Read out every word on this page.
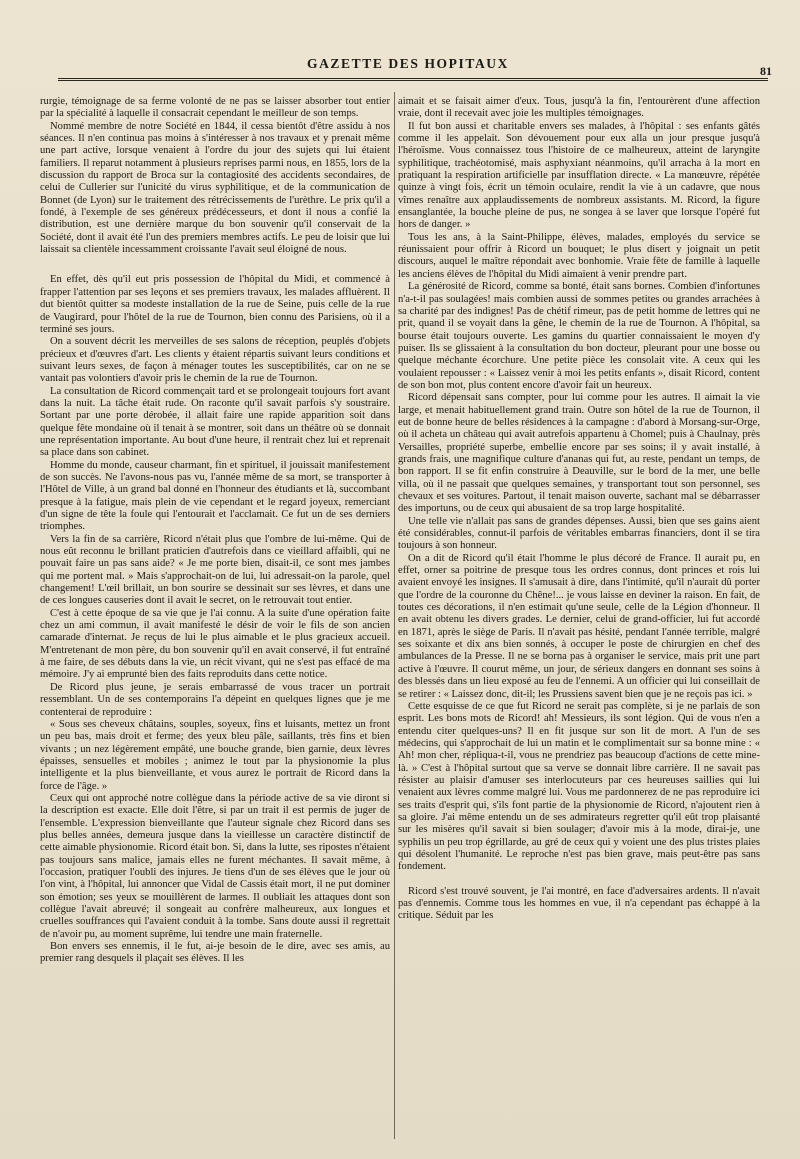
GAZETTE DES HOPITAUX	81

rurgie, témoignage de sa ferme volonté de ne pas se laisser absorber tout entier par la spécialité à laquelle il consacrait cependant le meilleur de son temps.

Nommé membre de notre Société en 1844, il cessa bientôt d'être assidu à nos séances. Il n'en continua pas moins à s'intéresser à nos travaux et y prenait même une part active, lorsque venaient à l'ordre du jour des sujets qui lui étaient familiers. Il reparut notamment à plusieurs reprises parmi nous, en 1855, lors de la discussion du rapport de Broca sur la contagiosité des accidents secondaires, de celui de Cullerier sur l'unicité du virus syphilitique, et de la communication de Bonnet (de Lyon) sur le traitement des rétrécissements de l'urèthre. Le prix qu'il a fondé, à l'exemple de ses généreux prédécesseurs, et dont il nous a confié la distribution, est une dernière marque du bon souvenir qu'il conservait de la Société, dont il avait été l'un des premiers membres actifs. Le peu de loisir que lui laissait sa clientèle incessamment croissante l'avait seul éloigné de nous.

En effet, dès qu'il eut pris possession de l'hôpital du Midi, et commencé à frapper l'attention par ses leçons et ses premiers travaux, les malades affluèrent. Il dut bientôt quitter sa modeste installation de la rue de Seine, puis celle de la rue de Vaugirard, pour l'hôtel de la rue de Tournon, bien connu des Parisiens, où il a terminé ses jours.

On a souvent décrit les merveilles de ses salons de réception, peuplés d'objets précieux et d'œuvres d'art. Les clients y étaient répartis suivant leurs conditions et suivant leurs sexes, de façon à ménager toutes les susceptibilités, car on ne se vantait pas volontiers d'avoir pris le chemin de la rue de Tournon.

La consultation de Ricord commençait tard et se prolongeait toujours fort avant dans la nuit. La tâche était rude. On raconte qu'il savait parfois s'y soustraire. Sortant par une porte dérobée, il allait faire une rapide apparition soit dans quelque fête mondaine où il tenait à se montrer, soit dans un théâtre où se donnait une représentation importante. Au bout d'une heure, il rentrait chez lui et reprenait sa place dans son cabinet.

Homme du monde, causeur charmant, fin et spirituel, il jouissait manifestement de son succès. Ne l'avons-nous pas vu, l'année même de sa mort, se transporter à l'Hôtel de Ville, à un grand bal donné en l'honneur des étudiants et là, succombant presque à la fatigue, mais plein de vie cependant et le regard joyeux, remerciant d'un signe de tête la foule qui l'entourait et l'acclamait. Ce fut un de ses derniers triomphes.

Vers la fin de sa carrière, Ricord n'était plus que l'ombre de lui-même. Qui de nous eût reconnu le brillant praticien d'autrefois dans ce vieillard affaibli, qui ne pouvait faire un pas sans aide? « Je me porte bien, disait-il, ce sont mes jambes qui me portent mal. » Mais s'approchait-on de lui, lui adressait-on la parole, quel changement! L'œil brillait, un bon sourire se dessinait sur ses lèvres, et dans une de ces longues causeries dont il avait le secret, on le retrouvait tout entier.

C'est à cette époque de sa vie que je l'ai connu. A la suite d'une opération faite chez un ami commun, il avait manifesté le désir de voir le fils de son ancien camarade d'internat. Je reçus de lui le plus aimable et le plus gracieux accueil. M'entretenant de mon père, du bon souvenir qu'il en avait conservé, il fut entraîné à me faire, de ses débuts dans la vie, un récit vivant, qui ne s'est pas effacé de ma mémoire. J'y ai emprunté bien des faits reproduits dans cette notice.

De Ricord plus jeune, je serais embarrassé de vous tracer un portrait ressemblant. Un de ses contemporains l'a dépeint en quelques lignes que je me contenterai de reproduire :

« Sous ses cheveux châtains, souples, soyeux, fins et luisants, mettez un front un peu bas, mais droit et ferme; des yeux bleu pâle, saillants, très fins et bien vivants ; un nez légèrement empâté, une bouche grande, bien garnie, deux lèvres épaisses, sensuelles et mobiles ; animez le tout par la physionomie la plus intelligente et la plus bienveillante, et vous aurez le portrait de Ricord dans la force de l'âge. »

Ceux qui ont approché notre collègue dans la période active de sa vie diront si la description est exacte. Elle doit l'être, si par un trait il est permis de juger de l'ensemble. L'expression bienveillante que l'auteur signale chez Ricord dans ses plus belles années, demeura jusque dans la vieillesse un caractère distinctif de cette aimable physionomie. Ricord était bon. Si, dans la lutte, ses ripostes n'étaient pas toujours sans malice, jamais elles ne furent méchantes. Il savait même, à l'occasion, pratiquer l'oubli des injures. Je tiens d'un de ses élèves que le jour où l'on vint, à l'hôpital, lui annoncer que Vidal de Cassis était mort, il ne put dominer son émotion; ses yeux se mouillèrent de larmes. Il oubliait les attaques dont son collègue l'avait abreuvé; il songeait au confrère malheureux, aux longues et cruelles souffrances qui l'avaient conduit à la tombe. Sans doute aussi il regrettait de n'avoir pu, au moment suprême, lui tendre une main fraternelle.

Bon envers ses ennemis, il le fut, ai-je besoin de le dire, avec ses amis, au premier rang desquels il plaçait ses élèves. Il les

aimait et se faisait aimer d'eux. Tous, jusqu'à la fin, l'entourèrent d'une affection vraie, dont il recevait avec joie les multiples témoignages.

Il fut bon aussi et charitable envers ses malades, à l'hôpital : ses enfants gâtés comme il les appelait. Son dévouement pour eux alla un jour presque jusqu'à l'héroïsme. Vous connaissez tous l'histoire de ce malheureux, atteint de laryngite syphilitique, trachéotomisé, mais asphyxiant néanmoins, qu'il arracha à la mort en pratiquant la respiration artificielle par insufflation directe. « La manœuvre, répétée quinze à vingt fois, écrit un témoin oculaire, rendit la vie à un cadavre, que nous vîmes renaître aux applaudissements de nombreux assistants. M. Ricord, la figure ensanglantée, la bouche pleine de pus, ne songea à se laver que lorsque l'opéré fut hors de danger. »

Tous les ans, à la Saint-Philippe, élèves, malades, employés du service se réunissaient pour offrir à Ricord un bouquet; le plus disert y joignait un petit discours, auquel le maître répondait avec bonhomie. Vraie fête de famille à laquelle les anciens élèves de l'hôpital du Midi aimaient à venir prendre part.

La générosité de Ricord, comme sa bonté, était sans bornes. Combien d'infortunes n'a-t-il pas soulagées! mais combien aussi de sommes petites ou grandes arrachées à sa charité par des indignes! Pas de chétif rimeur, pas de petit homme de lettres qui ne prit, quand il se voyait dans la gêne, le chemin de la rue de Tournon. A l'hôpital, sa bourse était toujours ouverte. Les gamins du quartier connaissaient le moyen d'y puiser. Ils se glissaient à la consultation du bon docteur, pleurant pour une bosse ou quelque méchante écorchure. Une petite pièce les consolait vite. A ceux qui les voulaient repousser : « Laissez venir à moi les petits enfants », disait Ricord, content de son bon mot, plus content encore d'avoir fait un heureux.

Ricord dépensait sans compter, pour lui comme pour les autres. Il aimait la vie large, et menait habituellement grand train. Outre son hôtel de la rue de Tournon, il eut de bonne heure de belles résidences à la campagne : d'abord à Morsang-sur-Orge, où il acheta un château qui avait autrefois appartenu à Chomel; puis à Chaulnay, près Versailles, propriété superbe, embellie encore par ses soins; il y avait installé, à grands frais, une magnifique culture d'ananas qui fut, au reste, pendant un temps, de bon rapport. Il se fit enfin construire à Deauville, sur le bord de la mer, une belle villa, où il ne passait que quelques semaines, y transportant tout son personnel, ses chevaux et ses voitures. Partout, il tenait maison ouverte, sachant mal se débarrasser des importuns, ou de ceux qui abusaient de sa trop large hospitalité.

Une telle vie n'allait pas sans de grandes dépenses. Aussi, bien que ses gains aient été considérables, connut-il parfois de véritables embarras financiers, dont il se tira toujours à son honneur.

On a dit de Ricord qu'il était l'homme le plus décoré de France. Il aurait pu, en effet, orner sa poitrine de presque tous les ordres connus, dont princes et rois lui avaient envoyé les insignes. Il s'amusait à dire, dans l'intimité, qu'il n'aurait dû porter que l'ordre de la couronne du Chêne!... je vous laisse en deviner la raison. En fait, de toutes ces décorations, il n'en estimait qu'une seule, celle de la Légion d'honneur. Il en avait obtenu les divers grades. Le dernier, celui de grand-officier, lui fut accordé en 1871, après le siège de Paris. Il n'avait pas hésité, pendant l'année terrible, malgré ses soixante et dix ans bien sonnés, à occuper le poste de chirurgien en chef des ambulances de la Presse. Il ne se borna pas à organiser le service, mais prit une part active à l'œuvre. Il courut même, un jour, de sérieux dangers en donnant ses soins à des blessés dans un lieu exposé au feu de l'ennemi. A un officier qui lui conseillait de se retirer : « Laissez donc, dit-il; les Prussiens savent bien que je ne reçois pas ici. »

Cette esquisse de ce que fut Ricord ne serait pas complète, si je ne parlais de son esprit. Les bons mots de Ricord! ah! Messieurs, ils sont légion. Qui de vous n'en a entendu citer quelques-uns? Il en fit jusque sur son lit de mort. A l'un de ses médecins, qui s'approchait de lui un matin et le complimentait sur sa bonne mine : « Ah! mon cher, répliqua-t-il, vous ne prendriez pas beaucoup d'actions de cette mine-là. » C'est à l'hôpital surtout que sa verve se donnait libre carrière. Il ne savait pas résister au plaisir d'amuser ses interlocuteurs par ces heureuses saillies qui lui venaient aux lèvres comme malgré lui. Vous me pardonnerez de ne pas reproduire ici ses traits d'esprit qui, s'ils font partie de la physionomie de Ricord, n'ajoutent rien à sa gloire. J'ai même entendu un de ses admirateurs regretter qu'il eût trop plaisanté sur les misères qu'il savait si bien soulager; d'avoir mis à la mode, dirai-je, une syphilis un peu trop égrillarde, au gré de ceux qui y voient une des plus tristes plaies qui désolent l'humanité. Le reproche n'est pas bien grave, mais peut-être pas sans fondement.

Ricord s'est trouvé souvent, je l'ai montré, en face d'adversaires ardents. Il n'avait pas d'ennemis. Comme tous les hommes en vue, il n'a cependant pas échappé à la critique. Séduit par les
